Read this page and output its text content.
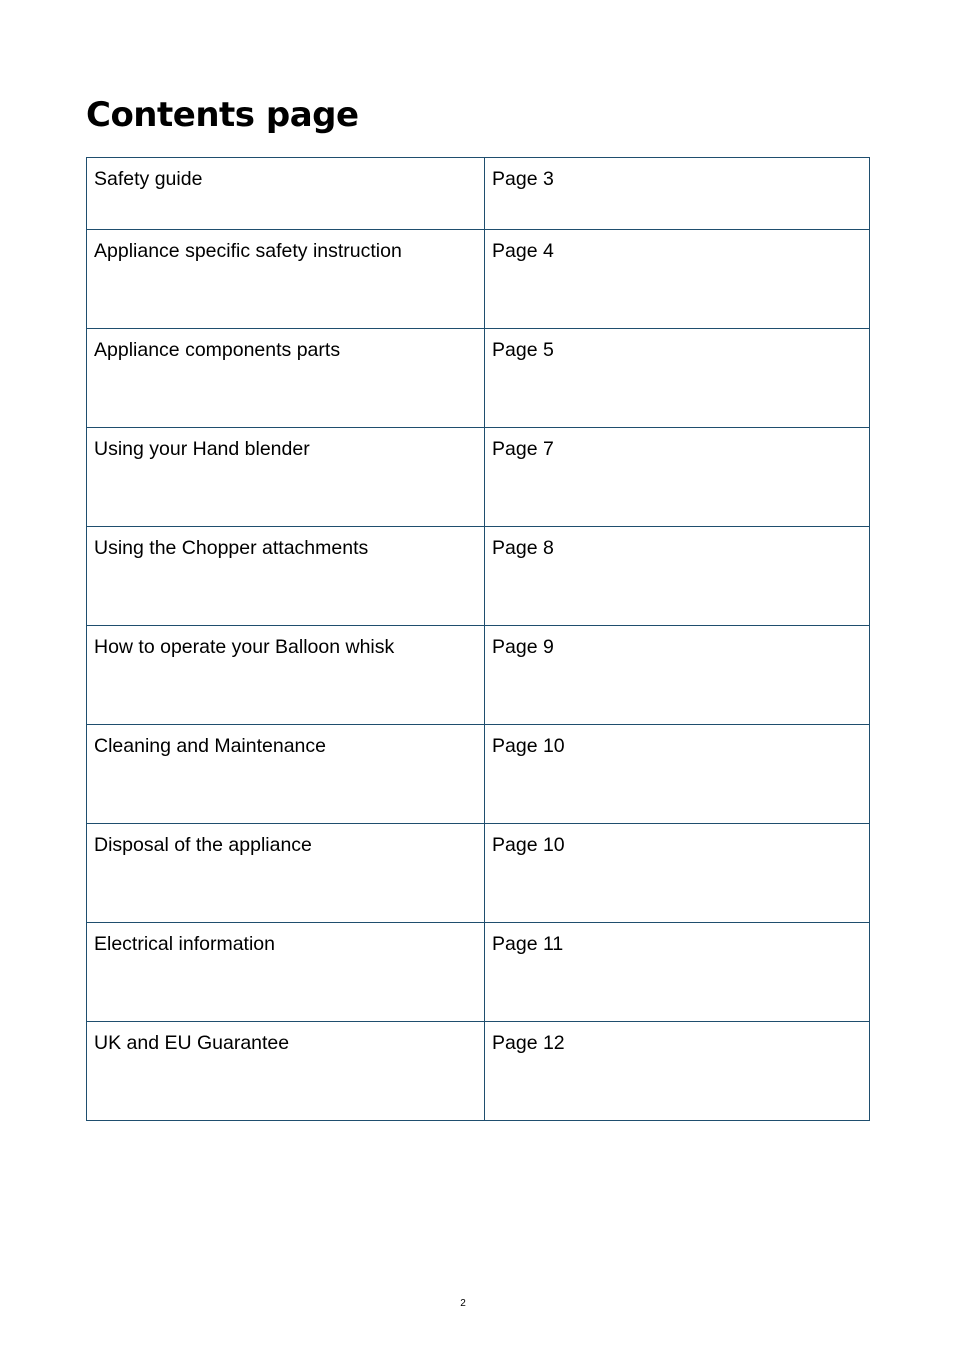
Contents page
Safety guide	Page 3
Appliance specific safety instruction	Page 4
Appliance components parts	Page 5
Using your Hand blender	Page 7
Using the Chopper attachments	Page 8
How to operate your Balloon whisk	Page 9
Cleaning and Maintenance	Page 10
Disposal of the appliance	Page 10
Electrical information	Page 11
UK and EU Guarantee	Page 12
2
